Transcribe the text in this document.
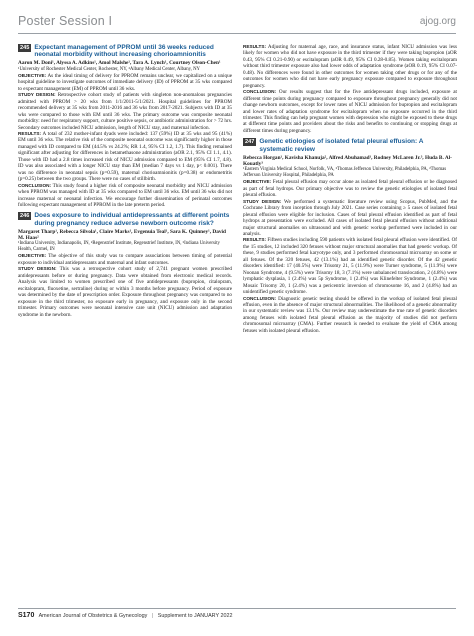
Poster Session I	ajog.org
245 Expectant management of PPROM until 36 weeks reduced neonatal morbidity without increasing chorioamnionitis
Aaron M. Doni¹, Alyssa A. Adkins¹, Amol Malshe¹, Tara A. Lynch¹, Courtney Olson-Chen¹
¹University of Rochester Medical Center, Rochester, NY, ²Albany Medical Center, Albany, NY

OBJECTIVE: As the ideal timing of delivery for PPROM remains unclear, we capitalized on a unique hospital guideline to investigate outcomes of immediate delivery (ID) of PPROM at 35 wks compared to expectant management (EM) of PPROM until 36 wks.

STUDY DESIGN: Retrospective cohort study of patients with singleton non-anomalous pregnancies admitted with PPROM > 20 wks from 1/1/2011-5/1/2021. Hospital guidelines for PPROM recommended delivery at 35 wks from 2011-2016 and 36 wks from 2017-2021. Subjects with ID at 35 wks were compared to those with EM until 36 wks. The primary outcome was composite neonatal morbidity: need for respiratory support, culture positive sepsis, or antibiotic administration for > 72 hrs. Secondary outcomes included NICU admission, length of NICU stay, and maternal infection.

RESULTS: A total of 232 mother-infant dyads were included: 137 (59%) ID at 35 wks and 95 (41%) EM until 36 wks. The relative risk of the composite neonatal outcome was significantly higher in those managed with ID compared to EM (44.5% vs 24.2%; RR 1.4, 95% CI 1.2, 1.7). This finding remained significant after adjusting for differences in betamethasone administration (aOR 2.1, 95% CI 1.1, 4.1). Those with ID had a 2.8 times increased risk of NICU admission compared to EM (95% CI 1.7, 4.8). ID was also associated with a longer NICU stay than EM (median 7 days vs 1 day, p< 0.001). There was no difference in neonatal sepsis (p=0.59), maternal chorioamnionitis (p=0.38) or endometritis (p=0.25) between the two groups. There were no cases of stillbirth.

CONCLUSION: This study found a higher risk of composite neonatal morbidity and NICU admission when PPROM was managed with ID at 35 wks compared to EM until 36 wks. EM until 36 wks did not increase maternal or neonatal infection. We encourage further dissemination of perinatal outcomes following expectant management of PPROM in the late preterm period.

246 Does exposure to individual antidepressants at different points during pregnancy reduce adverse newborn outcome risk?
Margaret Tharp¹, Rebecca Silvola¹, Claire Marks¹, Evgenuia Teal¹, Sara K. Quinney¹, David M. Haas²
¹Indiana University, Indianapolis, IN, ²Regenstrief Institute, Regenstrief Institute, IN, ³Indiana University Health, Carmel, IN

OBJECTIVE: The objective of this study was to compare associations between timing of potential exposure to individual antidepressants and maternal and infant outcomes.

STUDY DESIGN: This was a retrospective cohort study of 2,741 pregnant women prescribed antidepressants before or during pregnancy. Data were obtained from electronic medical records. Analysis was limited to women prescribed one of five antidepressants (bupropion, citalopram, escitalopram, fluoxetine, sertraline) during or within 3 months before pregnancy. Period of exposure was determined by the date of prescription order. Exposure throughout pregnancy was compared to no exposure in the third trimester, no exposure early in pregnancy, and exposure only in the second trimester. Primary outcomes were neonatal intensive care unit (NICU) admission and adaptation syndrome in the newborn.

RESULTS: Adjusting for maternal age, race, and insurance status, infant NICU admission was less likely for women who did not have exposure in the third trimester if they were taking bupropion (aOR 0.43, 95% CI 0.21-0.90) or escitalopram (aOR 0.49, 95% CI 0.28-0.85). Women taking escitalopram without third trimester exposure also had lower odds of adaptation syndrome (aOR 0.19, 95% CI 0.07-0.48). No differences were found in other outcomes for women taking other drugs or for any of the outcomes for women who did not have early pregnancy exposure compared to exposure throughout pregnancy.

CONCLUSION: Our results suggest that for the five antidepressant drugs included, exposure at different time points during pregnancy compared to exposure throughout pregnancy generally did not change newborn outcomes, except for lower rates of NICU admission for bupropion and escitalopram and lower rates of adaptation syndrome for escitalopram when no exposure occurred in the third trimester. This finding can help pregnant women with depression who might be exposed to these drugs at different time points and providers about the risks and benefits to continuing or stopping drugs at different times during pregnancy.

247 Genetic etiologies of isolated fetal pleural effusion: A systematic review
Rebecca Horgan¹, Kavisha Khanuja², Alfred Abuhamad¹, Rodney McLaren Jr.³, Huda B. Al-Kouatly³
¹Eastern Virginia Medical School, Norfolk, VA, ²Thomas Jefferson University, Philadelphia, PA, ³Thomas Jefferson University Hospital, Philadelphia, PA

OBJECTIVE: Fetal pleural effusion may occur alone as isolated fetal pleural effusion or be diagnosed as part of fetal hydrops. Our primary objective was to review the genetic etiologies of isolated fetal pleural effusion.

STUDY DESIGN: We performed a systematic literature review using Scopus, PubMed, and the Cochrane Library from inception through July 2021. Case series containing ≥ 5 cases of isolated fetal pleural effusion were eligible for inclusion. Cases of fetal pleural effusion identified as part of fetal hydrops at presentation were excluded. All cases of isolated fetal pleural effusion without additional major structural anomalies on ultrasound and with genetic workup performed were included in our analysis.

RESULTS: Fifteen studies including 590 patients with isolated fetal pleural effusion were identified. Of the 15 studies, 12 included 320 fetuses without major structural anomalies that had genetic workup. Of these, 9 studies performed fetal karyotype only, and 3 performed chromosomal microarray on some or all fetuses. Of the 320 fetuses, 42 (13.1%) had an identified genetic disorder. Of the 42 genetic disorders identified: 17 (40.5%) were Trisomy 21, 5 (11.9%) were Turner syndrome, 5 (11.9%) were Noonan Syndrome, 4 (9.5%) were Trisomy 18, 3 (7.1%) were unbalanced translocation, 2 (4.8%) were lymphatic dysplasia, 1 (2.4%) was 5p Syndrome, 1 (2.4%) was Klinefelter Syndrome, 1 (2.4%) was Mosaic Trisomy 20, 1 (2.4%) was a pericentric inversion of chromosome 16, and 2 (4.8%) had an unidentified genetic syndrome.

CONCLUSION: Diagnostic genetic testing should be offered in the workup of isolated fetal pleural effusion, even in the absence of major structural abnormalities. The likelihood of a genetic abnormality in our systematic review was 13.1%. Our review may underestimate the true rate of genetic disorders among fetuses with isolated fetal pleural effusion as the majority of studies did not perform chromosomal microarray (CMA). Further research is needed to evaluate the yield of CMA among fetuses with isolated pleural effusion.

S170 American Journal of Obstetrics & Gynecology | Supplement to JANUARY 2022
